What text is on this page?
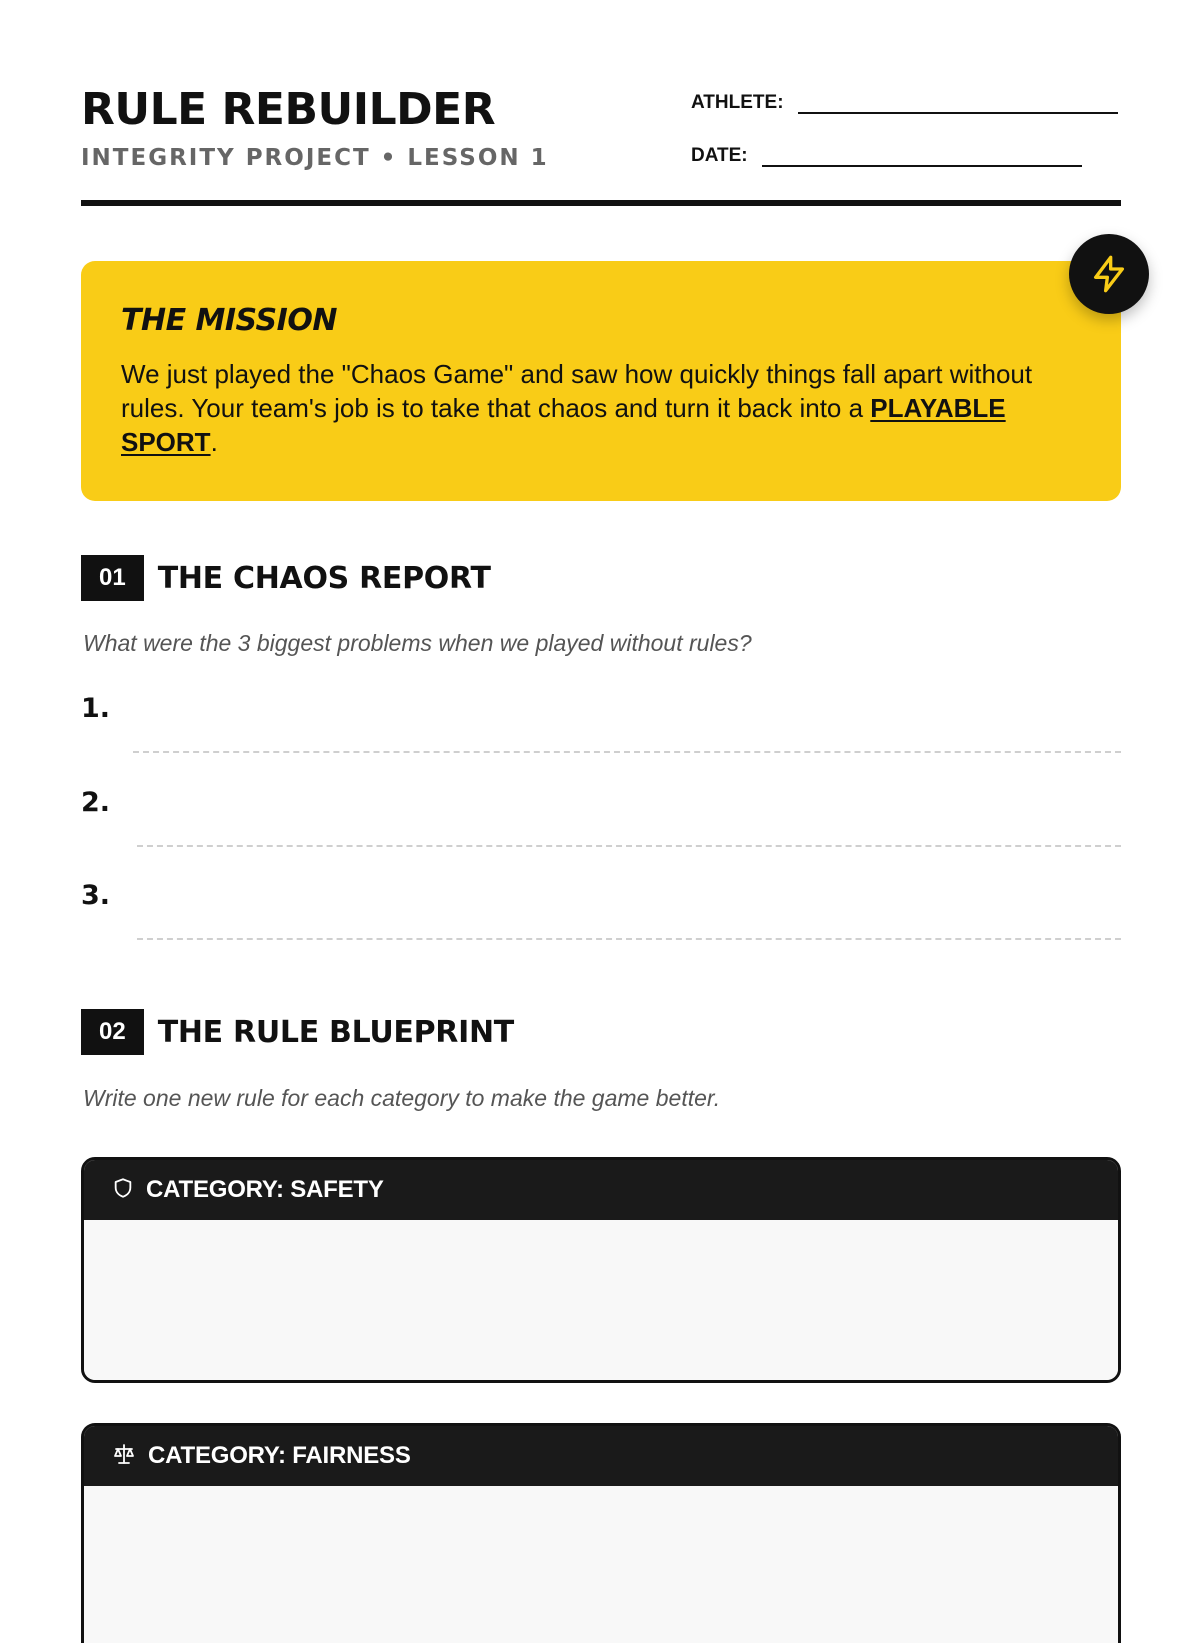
RULE REBUILDER
INTEGRITY PROJECT • LESSON 1
ATHLETE:
DATE:
THE MISSION

We just played the "Chaos Game" and saw how quickly things fall apart without rules. Your team's job is to take that chaos and turn it back into a PLAYABLE SPORT.

01	THE CHAOS REPORT
What were the 3 biggest problems when we played without rules?
1.
2.
3.
02	THE RULE BLUEPRINT
Write one new rule for each category to make the game better.
CATEGORY: SAFETY
CATEGORY: FAIRNESS
